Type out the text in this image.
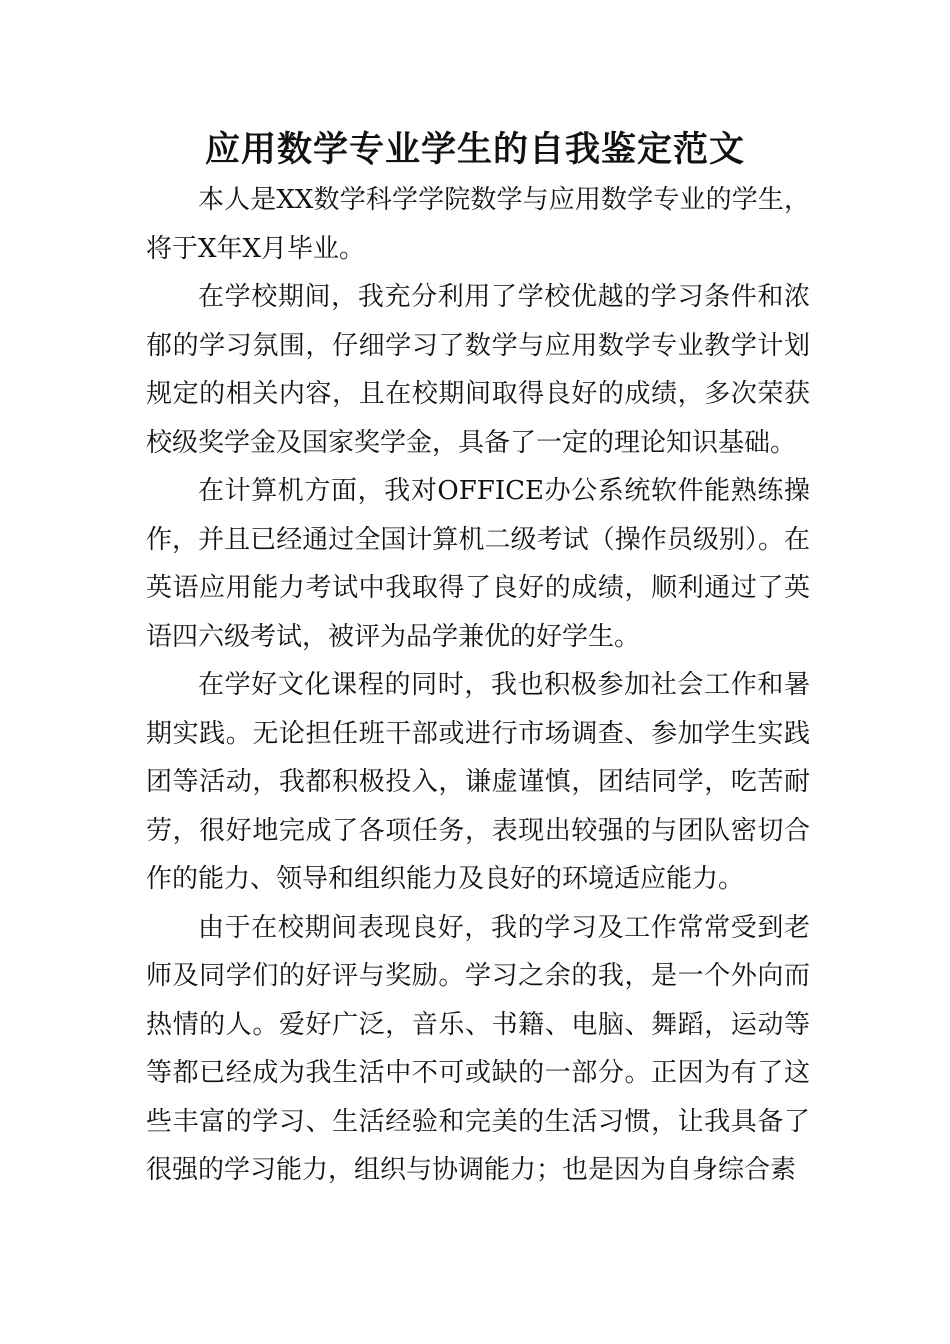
应用数学专业学生的自我鉴定范文

本人是XX数学科学学院数学与应用数学专业的学生，将于X年X月毕业。

在学校期间，我充分利用了学校优越的学习条件和浓郁的学习氛围，仔细学习了数学与应用数学专业教学计划规定的相关内容，且在校期间取得良好的成绩，多次荣获校级奖学金及国家奖学金，具备了一定的理论知识基础。

在计算机方面，我对OFFICE办公系统软件能熟练操作，并且已经通过全国计算机二级考试（操作员级别）。在英语应用能力考试中我取得了良好的成绩，顺利通过了英语四六级考试，被评为品学兼优的好学生。

在学好文化课程的同时，我也积极参加社会工作和暑期实践。无论担任班干部或进行市场调查、参加学生实践团等活动，我都积极投入，谦虚谨慎，团结同学，吃苦耐劳，很好地完成了各项任务，表现出较强的与团队密切合作的能力、领导和组织能力及良好的环境适应能力。

由于在校期间表现良好，我的学习及工作常常受到老师及同学们的好评与奖励。学习之余的我，是一个外向而热情的人。爱好广泛，音乐、书籍、电脑、舞蹈，运动等等都已经成为我生活中不可或缺的一部分。正因为有了这些丰富的学习、生活经验和完美的生活习惯，让我具备了很强的学习能力，组织与协调能力；也是因为自身综合素
